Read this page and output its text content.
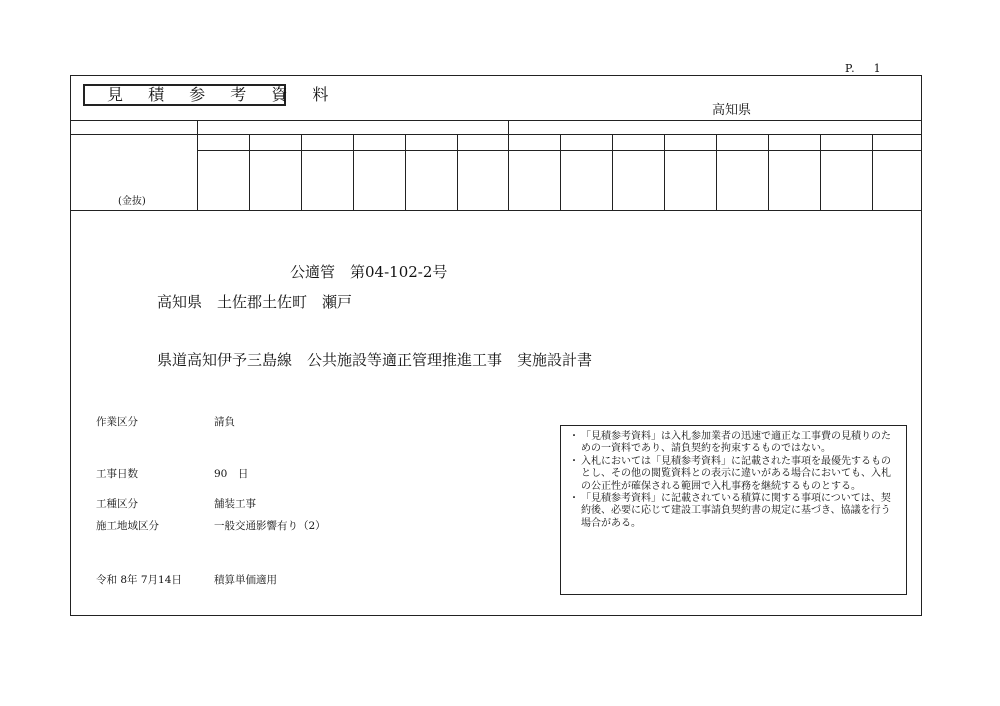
P.    1
見 積 参 考 資 料
高知県
(金抜)
公適管　第04-102-2号
高知県　土佐郡土佐町　瀬戸
県道高知伊予三島線　公共施設等適正管理推進工事　実施設計書
作業区分	請負
工事日数	90　日
工種区分	舗装工事
施工地域区分	一般交通影響有り（2）
令和 8年 7月14日	積算単価適用

・ 「見積参考資料」は入札参加業者の迅速で適正な工事費の見積りのための一資料であり、請負契約を拘束するものではない。

・ 入札においては「見積参考資料」に記載された事項を最優先するものとし、その他の閲覧資料との表示に違いがある場合においても、入札の公正性が確保される範囲で入札事務を継続するものとする。

・ 「見積参考資料」に記載されている積算に関する事項については、契約後、必要に応じて建設工事請負契約書の規定に基づき、協議を行う場合がある。
